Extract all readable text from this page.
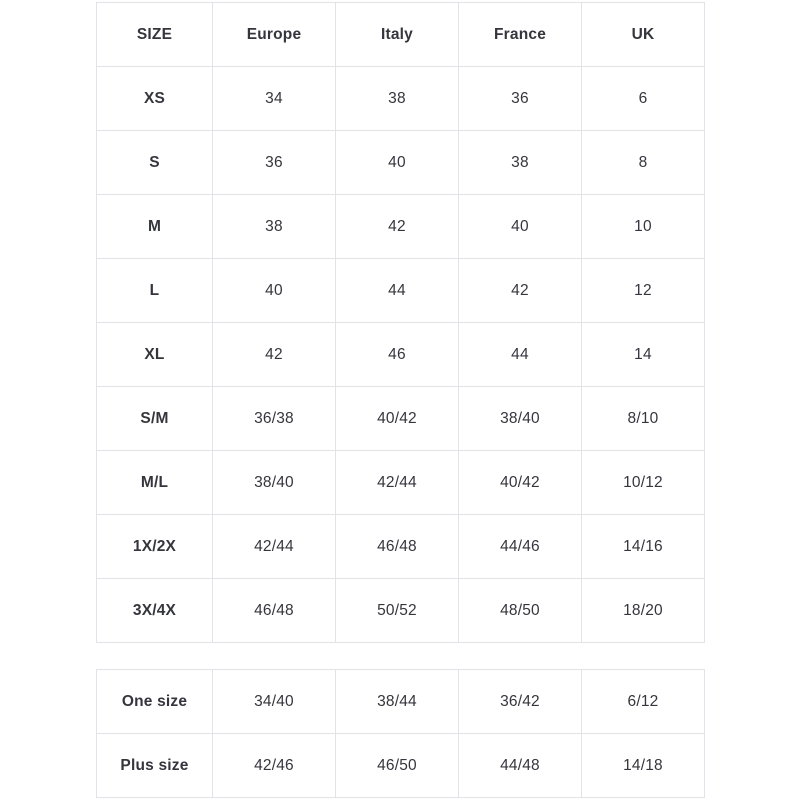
SIZE	Europe	Italy	France	UK

XS	34	38	36	6

S	36	40	38	8

M	38	42	40	10

L	40	44	42	12

XL	42	46	44	14

S/M	36/38	40/42	38/40	8/10

M/L	38/40	42/44	40/42	10/12

1X/2X	42/44	46/48	44/46	14/16

3X/4X	46/48	50/52	48/50	18/20
One size	34/40	38/44	36/42	6/12

Plus size	42/46	46/50	44/48	14/18
